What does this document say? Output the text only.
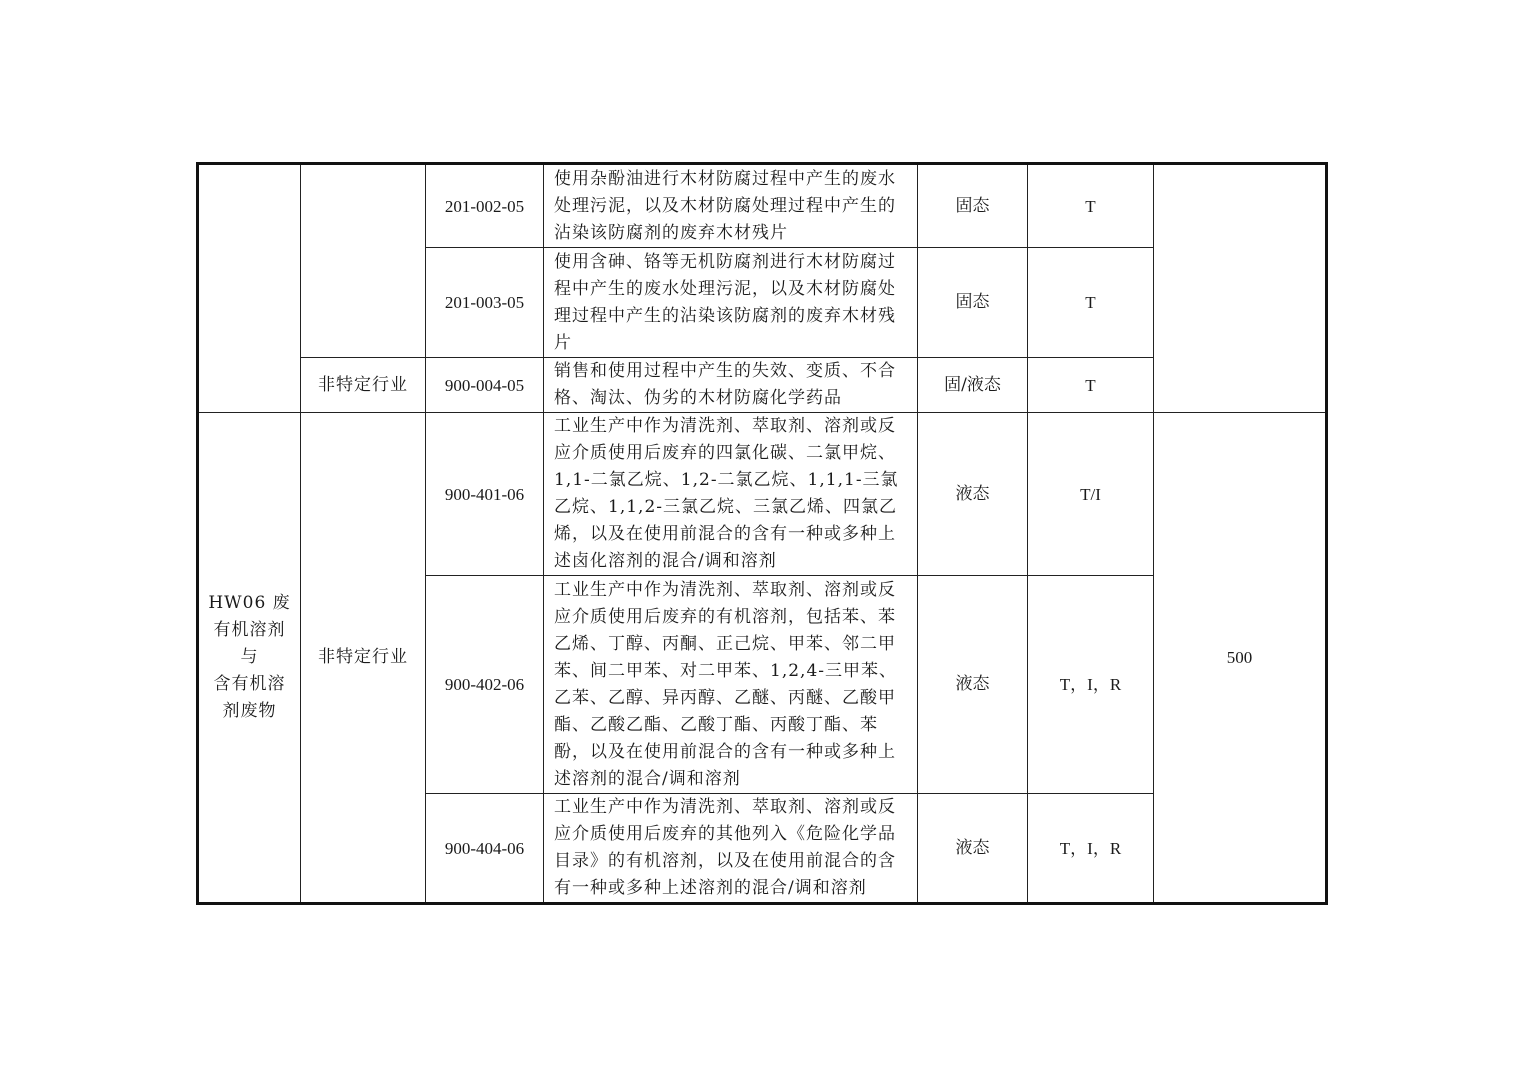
		201-002-05	使用杂酚油进行木材防腐过程中产生的废水处理污泥，以及木材防腐处理过程中产生的沾染该防腐剂的废弃木材残片	固态	T	
		201-003-05	使用含砷、铬等无机防腐剂进行木材防腐过程中产生的废水处理污泥，以及木材防腐处理过程中产生的沾染该防腐剂的废弃木材残片	固态	T	
	非特定行业	900-004-05	销售和使用过程中产生的失效、变质、不合格、淘汰、伪劣的木材防腐化学药品	固/液态	T	

HW06 废
有机溶剂
与
含有机溶
剂废物	非特定行业	900-401-06	工业生产中作为清洗剂、萃取剂、溶剂或反应介质使用后废弃的四氯化碳、二氯甲烷、1,1-二氯乙烷、1,2-二氯乙烷、1,1,1-三氯乙烷、1,1,2-三氯乙烷、三氯乙烯、四氯乙烯，以及在使用前混合的含有一种或多种上述卤化溶剂的混合/调和溶剂	液态	T/I	500
		900-402-06	工业生产中作为清洗剂、萃取剂、溶剂或反应介质使用后废弃的有机溶剂，包括苯、苯乙烯、丁醇、丙酮、正己烷、甲苯、邻二甲苯、间二甲苯、对二甲苯、1,2,4-三甲苯、乙苯、乙醇、异丙醇、乙醚、丙醚、乙酸甲酯、乙酸乙酯、乙酸丁酯、丙酸丁酯、苯酚，以及在使用前混合的含有一种或多种上述溶剂的混合/调和溶剂	液态	T，I，R	
		900-404-06	工业生产中作为清洗剂、萃取剂、溶剂或反应介质使用后废弃的其他列入《危险化学品目录》的有机溶剂，以及在使用前混合的含有一种或多种上述溶剂的混合/调和溶剂	液态	T，I，R	
